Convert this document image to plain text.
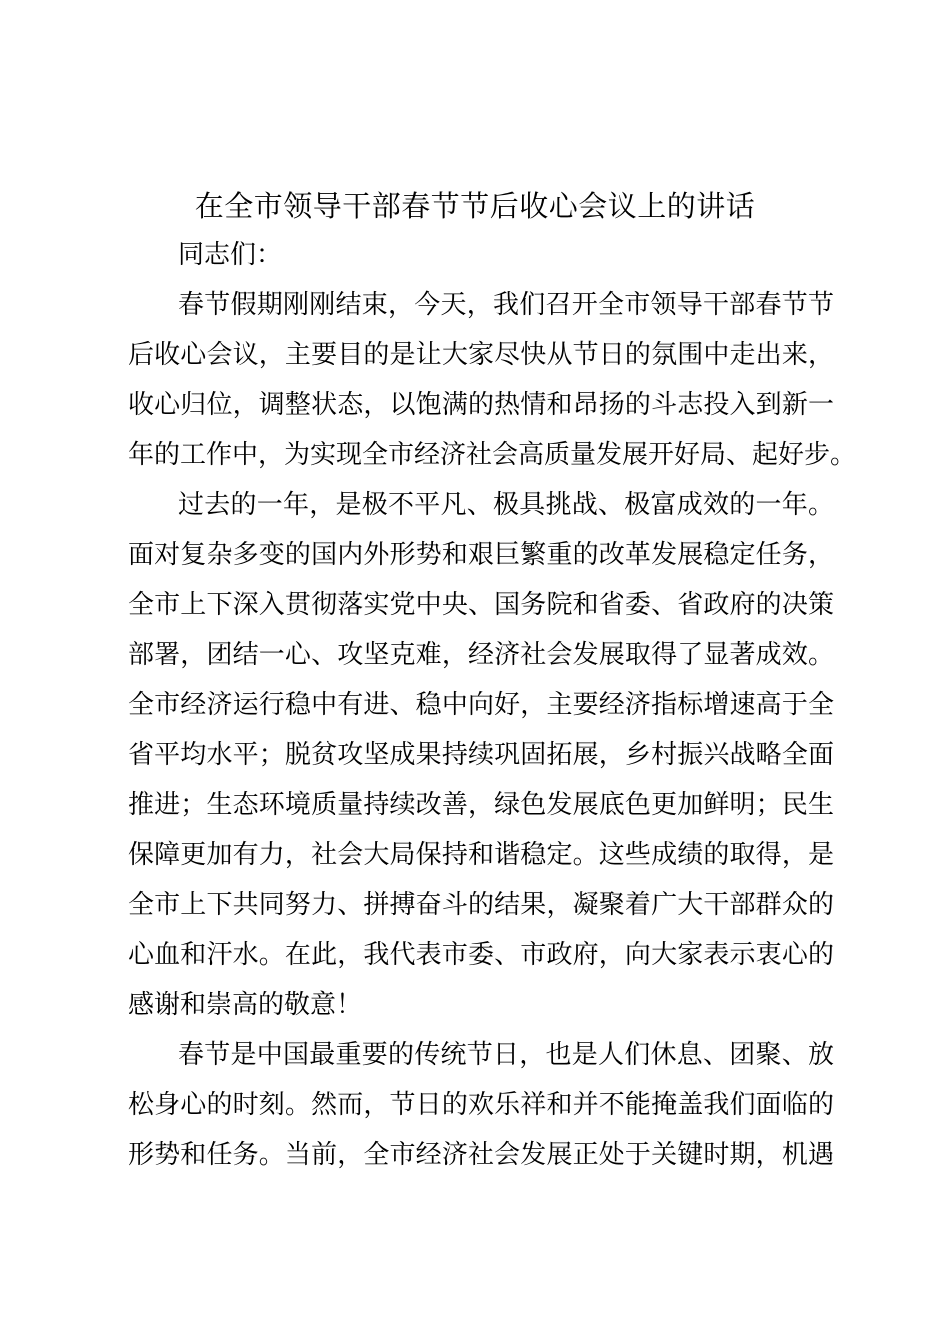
在全市领导干部春节节后收心会议上的讲话
同志们：
春节假期刚刚结束，今天，我们召开全市领导干部春节节
后收心会议，主要目的是让大家尽快从节日的氛围中走出来，
收心归位，调整状态，以饱满的热情和昂扬的斗志投入到新一
年的工作中，为实现全市经济社会高质量发展开好局、起好步。
过去的一年，是极不平凡、极具挑战、极富成效的一年。
面对复杂多变的国内外形势和艰巨繁重的改革发展稳定任务，
全市上下深入贯彻落实党中央、国务院和省委、省政府的决策
部署，团结一心、攻坚克难，经济社会发展取得了显著成效。
全市经济运行稳中有进、稳中向好，主要经济指标增速高于全
省平均水平；脱贫攻坚成果持续巩固拓展，乡村振兴战略全面
推进；生态环境质量持续改善，绿色发展底色更加鲜明；民生
保障更加有力，社会大局保持和谐稳定。这些成绩的取得，是
全市上下共同努力、拼搏奋斗的结果，凝聚着广大干部群众的
心血和汗水。在此，我代表市委、市政府，向大家表示衷心的
感谢和崇高的敬意！
春节是中国最重要的传统节日，也是人们休息、团聚、放
松身心的时刻。然而，节日的欢乐祥和并不能掩盖我们面临的
形势和任务。当前，全市经济社会发展正处于关键时期，机遇
